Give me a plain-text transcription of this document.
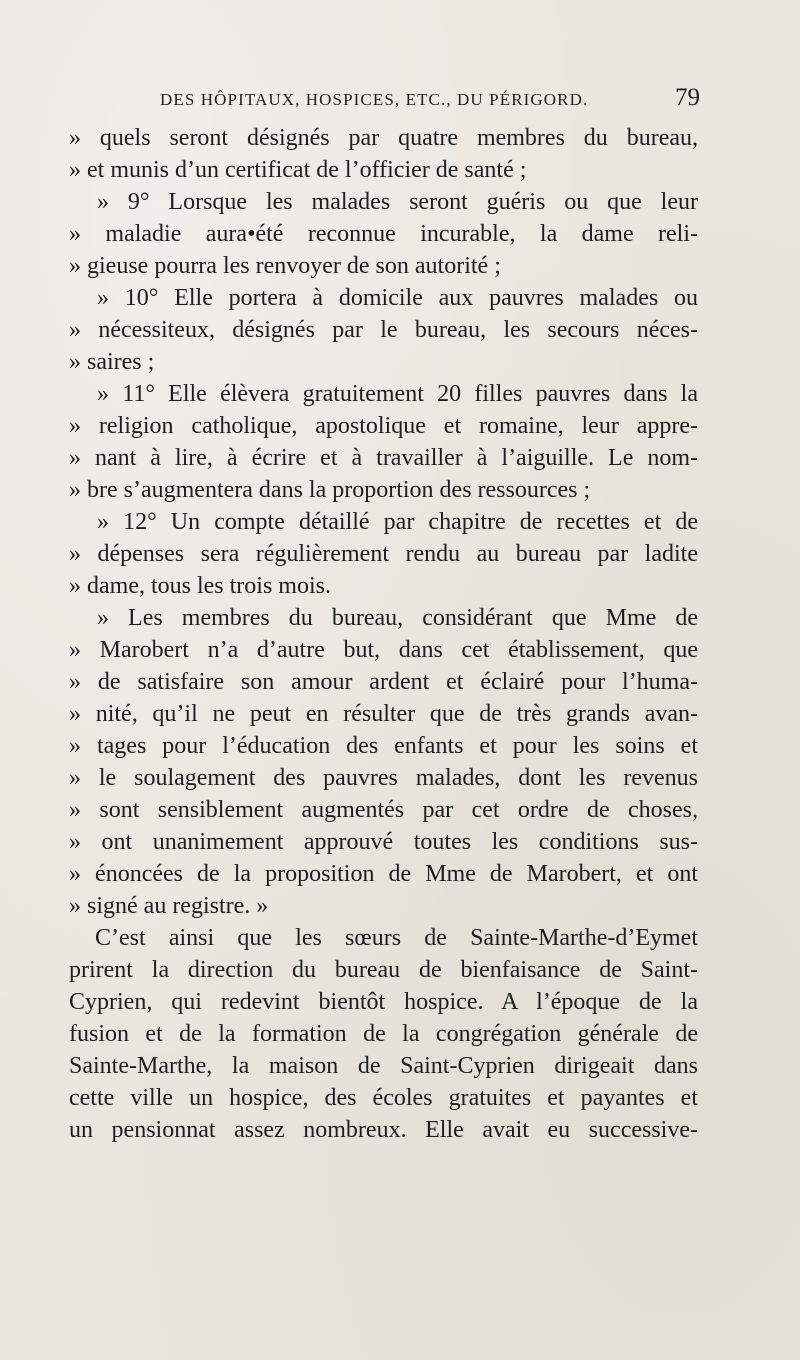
DES HÔPITAUX, HOSPICES, ETC., DU PÉRIGORD.	79
» quels seront désignés par quatre membres du bureau,
» et munis d’un certificat de l’officier de santé ;
» 9° Lorsque les malades seront guéris ou que leur
» maladie aura•été reconnue incurable, la dame reli-
» gieuse pourra les renvoyer de son autorité ;
» 10° Elle portera à domicile aux pauvres malades ou
» nécessiteux, désignés par le bureau, les secours néces-
» saires ;
» 11° Elle élèvera gratuitement 20 filles pauvres dans la
» religion catholique, apostolique et romaine, leur appre-
» nant à lire, à écrire et à travailler à l’aiguille. Le nom-
» bre s’augmentera dans la proportion des ressources ;
» 12° Un compte détaillé par chapitre de recettes et de
» dépenses sera régulièrement rendu au bureau par ladite
» dame, tous les trois mois.
» Les membres du bureau, considérant que Mme de
» Marobert n’a d’autre but, dans cet établissement, que
» de satisfaire son amour ardent et éclairé pour l’huma-
» nité, qu’il ne peut en résulter que de très grands avan-
» tages pour l’éducation des enfants et pour les soins et
» le soulagement des pauvres malades, dont les revenus
» sont sensiblement augmentés par cet ordre de choses,
» ont unanimement approuvé toutes les conditions sus-
» énoncées de la proposition de Mme de Marobert, et ont
» signé au registre. »
C’est ainsi que les sœurs de Sainte-Marthe-d’Eymet
prirent la direction du bureau de bienfaisance de Saint-
Cyprien, qui redevint bientôt hospice. A l’époque de la
fusion et de la formation de la congrégation générale de
Sainte-Marthe, la maison de Saint-Cyprien dirigeait dans
cette ville un hospice, des écoles gratuites et payantes et
un pensionnat assez nombreux. Elle avait eu successive-
